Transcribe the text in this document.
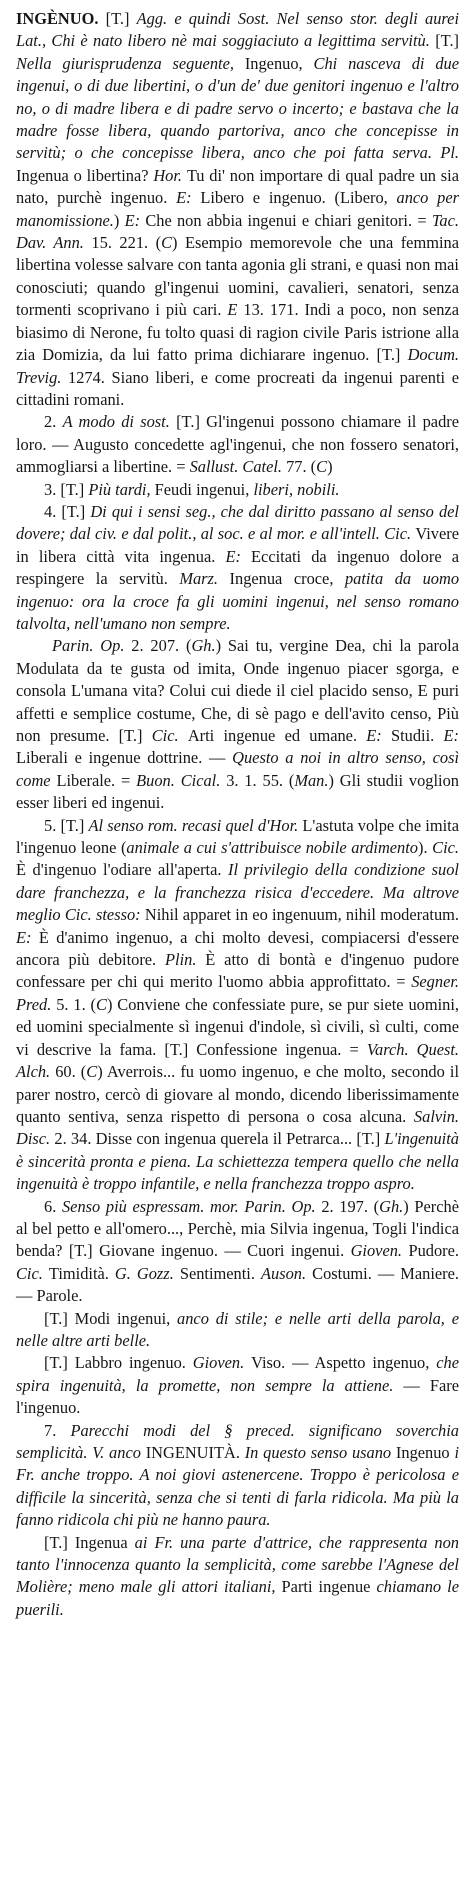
INGÈNUO. [T.] Agg. e quindi Sost. Nel senso stor. degli aurei Lat., Chi è nato libero nè mai soggiaciuto a legittima servitù. [T.] Nella giurisprudenza seguente, Ingenuo, Chi nascevа di due ingenui, o di due libertini, o d'un de' due genitori ingenuo e l'altro no, o di madre libera e di padre servo o incerto; e bastava che la madre fosse libera, quando partoriva, anco che concepisse in servitù; o che concepisse libera, anco che poi fatta serva. Pl. Ingenua o libertina? Hor. Tu di' non importare di qual padre un sia nato, purchè ingenuo. E: Libero e ingenuo. (Libero, anco per manomissione.) E: Che non abbia ingenui e chiari genitori. = Tac. Dav. Ann. 15. 221. (C) Esempio memorevole che una femmina libertina volesse salvare con tanta agonia gli strani, e quasi non mai conosciuti; quando gl'ingenui uomini, cavalieri, senatori, senza tormenti scoprivano i più cari. E 13. 171. Indi a poco, non senza biasimo di Nerone, fu tolto quasi di ragion civile Paris istrione alla zia Domizia, da lui fatto prima dichiarare ingenuo. [T.] Docum. Trevig. 1274. Siano liberi, e come procreati da ingenui parenti e cittadini romani.

2. A modo di sost. [T.] Gl'ingenui possono chiamare il padre loro. — Augusto concedette agl'ingenui, che non fossero senatori, ammogliarsi a libertine. = Sallust. Catel. 77. (C)

3. [T.] Più tardi, Feudi ingenui, liberi, nobili.

4. [T.] Di qui i sensi seg., che dal diritto passano al senso del dovere; dal civ. e dal polit., al soc. e al mor. e all'intell. Cic. Vivere in libera città vita ingenua. E: Eccitati da ingenuo dolore a respingere la servitù. Marz. Ingenua croce, patita da uomo ingenuo: ora la croce fa gli uomini ingenui, nel senso romano talvolta, nell'umano non sempre.

Parin. Op. 2. 207. (Gh.) Sai tu, vergine Dea, chi la parola Modulata da te gusta od imita, Onde ingenuo piacer sgorga, e consola L'umana vita? Colui cui diede il ciel placido senso, E puri affetti e semplice costume, Che, di sè pago e dell'avito censo, Più non presume. [T.] Cic. Arti ingenue ed umane. E: Studii. E: Liberali e ingenue dottrine. — Questo a noi in altro senso, così come Liberale. = Buon. Cical. 3. 1. 55. (Man.) Gli studii voglion esser liberi ed ingenui.

5. [T.] Al senso rom. recasi quel d'Hor. L'astuta volpe che imita l'ingenuo leone (animale a cui s'attribuisce nobile ardimento). Cic. È d'ingenuo l'odiare all'aperta. Il privilegio della condizione suol dare franchezza, e la franchezza risica d'eccedere. Ma altrove meglio Cic. stesso: Nihil apparet in eo ingenuum, nihil moderatum. E: È d'animo ingenuo, a chi molto devesi, compiacersi d'essere ancora più debitore. Plin. È atto di bontà e d'ingenuo pudore confessare per chi qui merito l'uomo abbia approfittato. = Segner. Pred. 5. 1. (C) Conviene che confessiate pure, se pur siete uomini, ed uomini specialmente sì ingenui d'indole, sì civili, sì culti, come vi descrive la fama. [T.] Confessione ingenua. = Varch. Quest. Alch. 60. (C) Averrois... fu uomo ingenuo, e che molto, secondo il parer nostro, cercò di giovare al mondo, dicendo liberissimamente quanto sentiva, senza rispetto di persona o cosa alcuna. Salvin. Disc. 2. 34. Disse con ingenua querela il Petrarca... [T.] L'ingenuità è sincerità pronta e piena. La schiettezza tempera quello che nella ingenuità è troppo infantile, e nella franchezza troppo aspro.

6. Senso più espressam. mor. Parin. Op. 2. 197. (Gh.) Perchè al bel petto e all'omero..., Perchè, mia Silvia ingenua, Togli l'indica benda? [T.] Giovane ingenuo. — Cuori ingenui. Gioven. Pudore. Cic. Timidità. G. Gozz. Sentimenti. Auson. Costumi. — Maniere. — Parole.

[T.] Modi ingenui, anco di stile; e nelle arti della parola, e nelle altre arti belle.

[T.] Labbro ingenuo. Gioven. Viso. — Aspetto ingenuo, che spira ingenuità, la promette, non sempre la attiene. — Fare l'ingenuo.

7. Parecchi modi del § preced. significano soverchia semplicità. V. anco INGENUITÀ. In questo senso usano Ingenuo i Fr. anche troppo. A noi giovi astenercene. Troppo è pericolosa e difficile la sincerità, senza che si tenti di farla ridicola. Ma più la fanno ridicola chi più ne hanno paura.

[T.] Ingenua ai Fr. una parte d'attrice, che rappresenta non tanto l'innocenza quanto la semplicità, come sarebbe l'Agnese del Molière; meno male gli attori italiani, Parti ingenue chiamano le puerili.
